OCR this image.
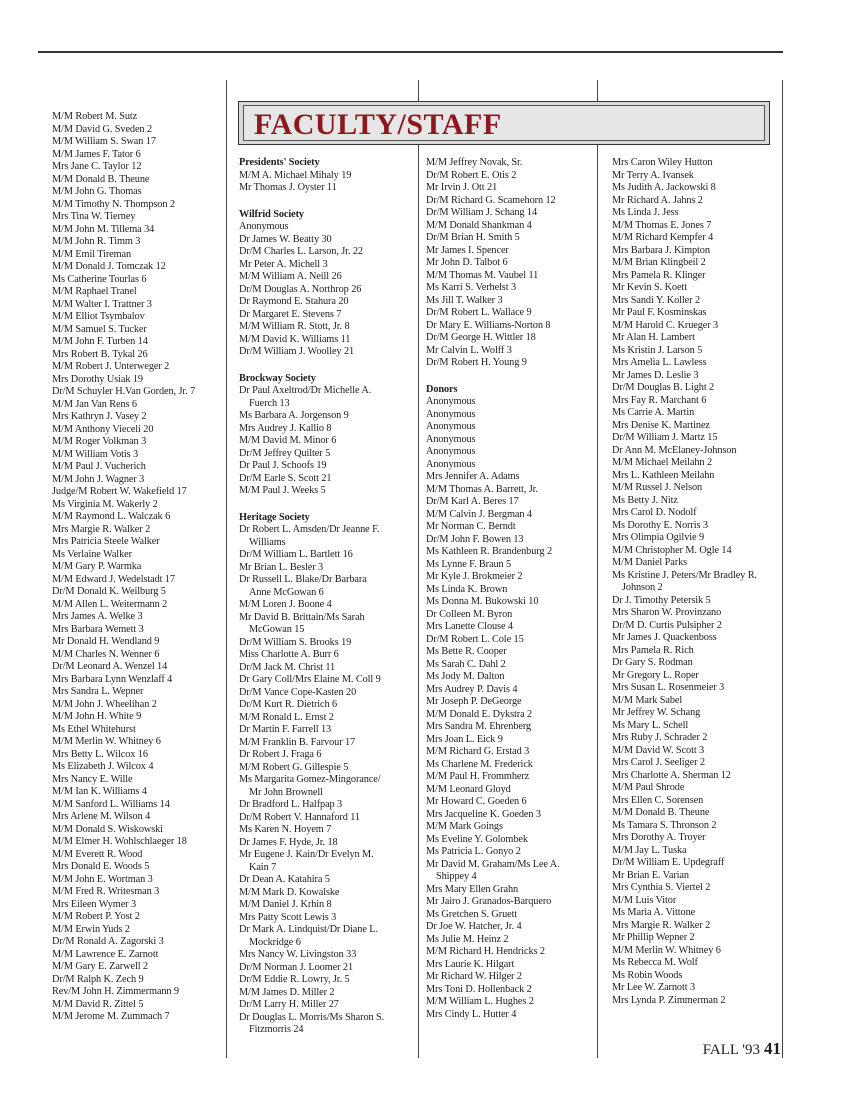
FACULTY/STAFF
M/M Robert M. Sutz
M/M David G. Sveden 2
M/M William S. Swan 17
M/M James F. Tator 6
Mrs Jane C. Taylor 12
M/M Donald B. Theune
M/M John G. Thomas
M/M Timothy N. Thompson 2
Mrs Tina W. Tierney
M/M John M. Tillema 34
M/M John R. Timm 3
M/M Emil Tireman
M/M Donald J. Tomczak 12
Ms Catherine Tourlas 6
M/M Raphael Tranel
M/M Walter I. Trattner 3
M/M Elliot Tsymbalov
M/M Samuel S. Tucker
M/M John F. Turben 14
Mrs Robert B. Tykal 26
M/M Robert J. Unterweger 2
Mrs Dorothy Usiak 19
Dr/M Schuyler H.Van Gorden, Jr. 7
M/M Jan Van Rens 6
Mrs Kathryn J. Vasey 2
M/M Anthony Vieceli 20
M/M Roger Volkman 3
M/M William Votis 3
M/M Paul J. Vucherich
M/M John J. Wagner 3
Judge/M Robert W. Wakefield 17
Ms Virginia M. Wakerly 2
M/M Raymond L. Walczak 6
Mrs Margie R. Walker 2
Mrs Patricia Steele Walker
Ms Verlaine Walker
M/M Gary P. Warmka
M/M Edward J. Wedelstadt 17
Dr/M Donald K. Weilburg 5
M/M Allen L. Weitermann 2
Mrs James A. Welke 3
Mrs Barbara Wemett 3
Mr Donald H. Wendland 9
M/M Charles N. Wenner 6
Dr/M Leonard A. Wenzel 14
Mrs Barbara Lynn Wenzlaff 4
Mrs Sandra L. Wepner
M/M John J. Wheelihan 2
M/M John H. White 9
Ms Ethel Whitehurst
M/M Merlin W. Whitney 6
Mrs Betty L. Wilcox 16
Ms Elizabeth J. Wilcox 4
Mrs Nancy E. Wille
M/M Ian K. Williams 4
M/M Sanford L. Williams 14
Mrs Arlene M. Wilson 4
M/M Donald S. Wiskowski
M/M Elmer H. Wohlschlaeger 18
M/M Everett R. Wood
Mrs Donald E. Woods 5
M/M John E. Wortman 3
M/M Fred R. Writesman 3
Mrs Eileen Wymer 3
M/M Robert P. Yost 2
M/M Erwin Yuds 2
Dr/M Ronald A. Zagorski 3
M/M Lawrence E. Zarnott
M/M Gary E. Zarwell 2
Dr/M Ralph K. Zech 9
Rev/M John H. Zimmermann 9
M/M David R. Zittel 5
M/M Jerome M. Zummach 7
Presidents' Society
M/M A. Michael Mihaly 19
Mr Thomas J. Oyster 11
Wilfrid Society
Anonymous
Dr James W. Beatty 30
Dr/M Charles L. Larson, Jr. 22
Mr Peter A. Michell 3
M/M William A. Neill 26
Dr/M Douglas A. Northrop 26
Dr Raymond E. Stahura 20
Dr Margaret E. Stevens 7
M/M William R. Stott, Jr. 8
M/M David K. Williams 11
Dr/M William J. Woolley 21
Brockway Society
Dr Paul Axeltrod/Dr Michelle A.
Fuerch 13
Ms Barbara A. Jorgenson 9
Mrs Audrey J. Kallio 8
M/M David M. Minor 6
Dr/M Jeffrey Quilter 5
Dr Paul J. Schoofs 19
Dr/M Earle S. Scott 21
M/M Paul J. Weeks 5
Heritage Society
Dr Robert L. Amsden/Dr Jeanne F.
Williams
Dr/M William L. Bartlett 16
Mr Brian L. Besler 3
Dr Russell L. Blake/Dr Barbara
Anne McGowan 6
M/M Loren J. Boone 4
Mr David B. Brittain/Ms Sarah
McGowan 15
Dr/M William S. Brooks 19
Miss Charlotte A. Burr 6
Dr/M Jack M. Christ 11
Dr Gary Coll/Mrs Elaine M. Coll 9
Dr/M Vance Cope-Kasten 20
Dr/M Kurt R. Dietrich 6
M/M Ronald L. Ernst 2
Dr Martin F. Farrell 13
M/M Franklin B. Farvour 17
Dr Robert J. Fraga 6
M/M Robert G. Gillespie 5
Ms Margarita Gomez-Mingorance/
Mr John Brownell
Dr Bradford L. Halfpap 3
Dr/M Robert V. Hannaford 11
Ms Karen N. Hoyem 7
Dr James F. Hyde, Jr. 18
Mr Eugene J. Kain/Dr Evelyn M.
Kain 7
Dr Dean A. Katahira 5
M/M Mark D. Kowalske
M/M Daniel J. Krhin 8
Mrs Patty Scott Lewis 3
Dr Mark A. Lindquist/Dr Diane L.
Mockridge 6
Mrs Nancy W. Livingston 33
Dr/M Norman J. Loomer 21
Dr/M Eddie R. Lowry, Jr. 5
M/M James D. Miller 2
Dr/M Larry H. Miller 27
Dr Douglas L. Morris/Ms Sharon S.
Fitzmorris 24
M/M Jeffrey Novak, Sr.
Dr/M Robert E. Otis 2
Mr Irvin J. Ott 21
Dr/M Richard G. Scamehorn 12
Dr/M William J. Schang 14
M/M Donald Shankman 4
Dr/M Brian H. Smith 5
Mr James I. Spencer
Mr John D. Talbot 6
M/M Thomas M. Vaubel 11
Ms Karri S. Verhelst 3
Ms Jill T. Walker 3
Dr/M Robert L. Wallace 9
Dr Mary E. Williams-Norton 8
Dr/M George H. Wittler 18
Mr Calvin L. Wolff 3
Dr/M Robert H. Young 9
Donors
Anonymous
Anonymous
Anonymous
Anonymous
Anonymous
Anonymous
Mrs Jennifer A. Adams
M/M Thomas A. Barrett, Jr.
Dr/M Karl A. Beres 17
M/M Calvin J. Bergman 4
Mr Norman C. Berndt
Dr/M John F. Bowen 13
Ms Kathleen R. Brandenburg 2
Ms Lynne F. Braun 5
Mr Kyle J. Brokmeier 2
Ms Linda K. Brown
Ms Donna M. Bukowski 10
Dr Colleen M. Byron
Mrs Lanette Clouse 4
Dr/M Robert L. Cole 15
Ms Bette R. Cooper
Ms Sarah C. Dahl 2
Ms Jody M. Dalton
Mrs Audrey P. Davis 4
Mr Joseph P. DeGeorge
M/M Donald E. Dykstra 2
Mrs Sandra M. Ehrenberg
Mrs Joan L. Eick 9
M/M Richard G. Erstad 3
Ms Charlene M. Frederick
M/M Paul H. Frommherz
M/M Leonard Gloyd
Mr Howard C. Goeden 6
Mrs Jacqueline K. Goeden 3
M/M Mark Goings
Ms Eveline Y. Golombek
Ms Patricia L. Gonyo 2
Mr David M. Graham/Ms Lee A.
Shippey 4
Mrs Mary Ellen Grahn
Mr Jairo J. Granados-Barquero
Ms Gretchen S. Gruett
Dr Joe W. Hatcher, Jr. 4
Ms Julie M. Heinz 2
M/M Richard H. Hendricks 2
Mrs Laurie K. Hilgart
Mr Richard W. Hilger 2
Mrs Toni D. Hollenback 2
M/M William L. Hughes 2
Mrs Cindy L. Hutter 4
Mrs Caron Wiley Hutton
Mr Terry A. Ivansek
Ms Judith A. Jackowski 8
Mr Richard A. Jahns 2
Ms Linda J. Jess
M/M Thomas E. Jones 7
M/M Richard Kempfer 4
Mrs Barbara J. Kimpton
M/M Brian Klingbeil 2
Mrs Pamela R. Klinger
Mr Kevin S. Koett
Mrs Sandi Y. Koller 2
Mr Paul F. Kosminskas
M/M Harold C. Krueger 3
Mr Alan H. Lambert
Ms Kristin J. Larson 5
Mrs Amelia L. Lawless
Mr James D. Leslie 3
Dr/M Douglas B. Light 2
Mrs Fay R. Marchant 6
Ms Carrie A. Martin
Mrs Denise K. Martinez
Dr/M William J. Martz 15
Dr Ann M. McElaney-Johnson
M/M Michael Meilahn 2
Mrs L. Kathleen Meilahn
M/M Russel J. Nelson
Ms Betty J. Nitz
Mrs Carol D. Nodolf
Ms Dorothy E. Norris 3
Mrs Olimpia Ogilvie 9
M/M Christopher M. Ogle 14
M/M Daniel Parks
Ms Kristine J. Peters/Mr Bradley R.
Johnson 2
Dr J. Timothy Petersik 5
Mrs Sharon W. Provinzano
Dr/M D. Curtis Pulsipher 2
Mr James J. Quackenboss
Mrs Pamela R. Rich
Dr Gary S. Rodman
Mr Gregory L. Roper
Mrs Susan L. Rosenmeier 3
M/M Mark Sabel
Mr Jeffrey W. Schang
Ms Mary L. Schell
Mrs Ruby J. Schrader 2
M/M David W. Scott 3
Mrs Carol J. Seeliger 2
Mrs Charlotte A. Sherman 12
M/M Paul Shrode
Mrs Ellen C. Sorensen
M/M Donald B. Theune
Ms Tamara S. Thronson 2
Mrs Dorothy A. Troyer
M/M Jay L. Tuska
Dr/M William E. Updegraff
Mr Brian E. Varian
Mrs Cynthia S. Viertel 2
M/M Luis Vitor
Ms Maria A. Vittone
Mrs Margie R. Walker 2
Mr Phillip Wepner 2
M/M Merlin W. Whitney 6
Ms Rebecca M. Wolf
Ms Robin Woods
Mr Lee W. Zarnott 3
Mrs Lynda P. Zimmerman 2
FALL '93 41
